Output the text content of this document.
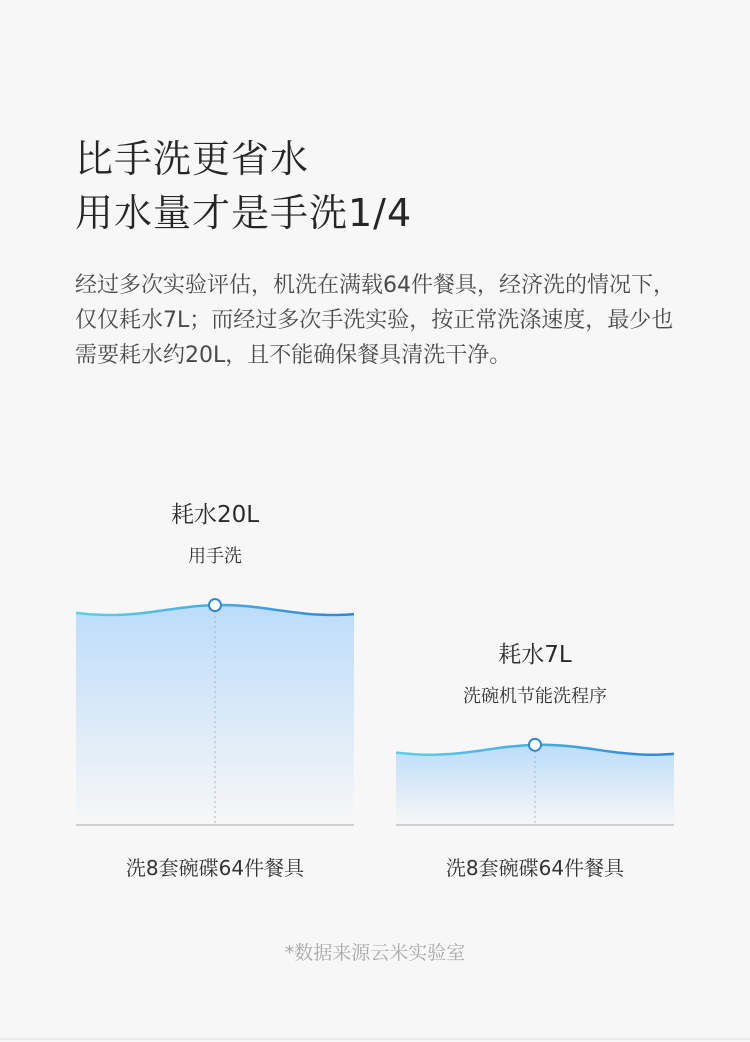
比手洗更省水
用水量才是手洗1/4
经过多次实验评估，机洗在满载64件餐具，经济洗的情况下，仅仅耗水7L；而经过多次手洗实验，按正常洗涤速度，最少也需要耗水约20L，且不能确保餐具清洗干净。
耗水20L
用手洗
洗8套碗碟64件餐具
耗水7L
洗碗机节能洗程序
洗8套碗碟64件餐具
*数据来源云米实验室
